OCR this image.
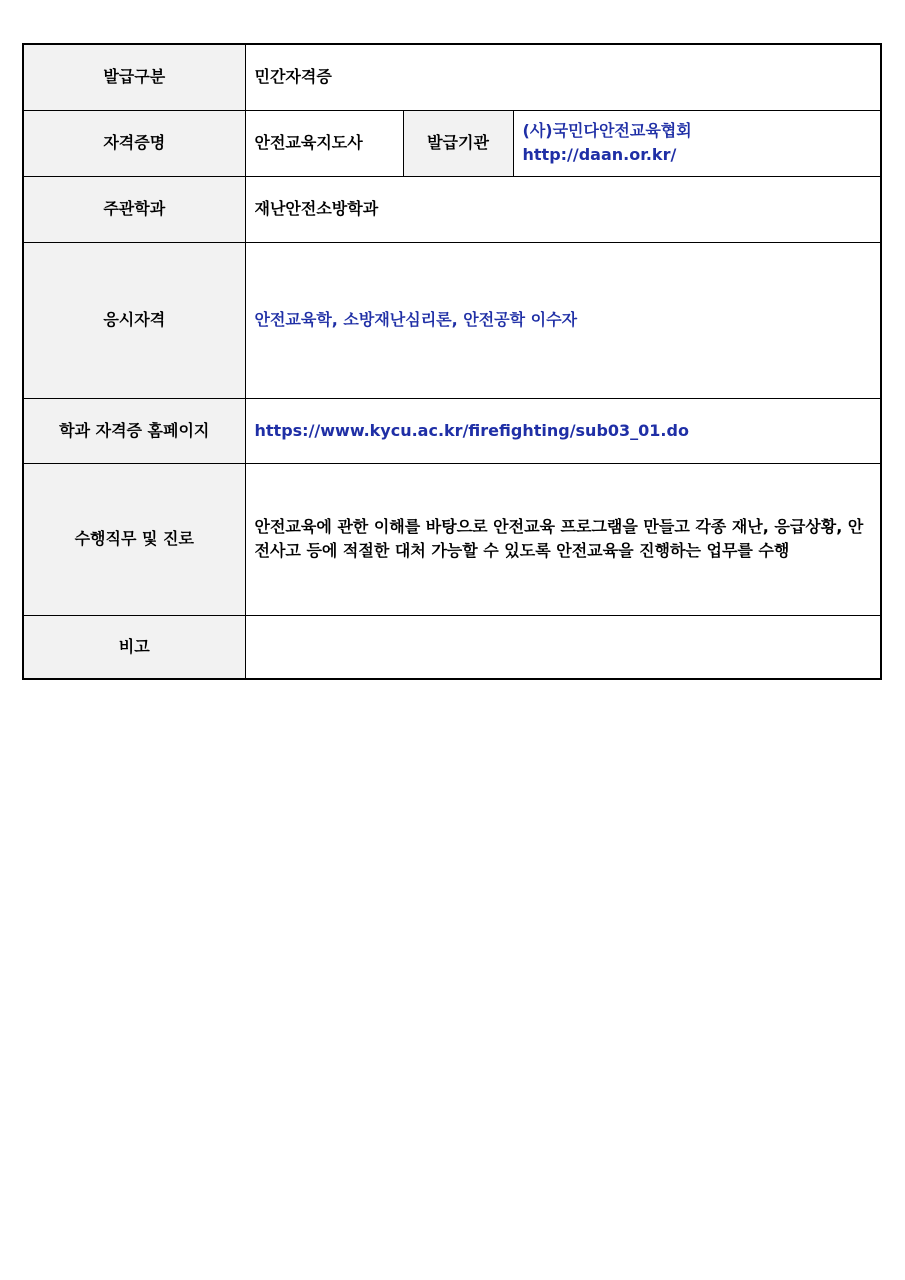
발급구분	민간자격증		
자격증명	안전교육지도사	발급기관	(사)국민다안전교육협회
http://daan.or.kr/

주관학과	재난안전소방학과		
응시자격	안전교육학, 소방재난심리론, 안전공학 이수자		
학과 자격증 홈페이지	https://www.kycu.ac.kr/firefighting/sub03_01.do		
수행직무 및 진로	안전교육에 관한 이해를 바탕으로 안전교육 프로그램을 만들고 각종 재난, 응급상황, 안전사고 등에 적절한 대처 가능할 수 있도록 안전교육을 진행하는 업무를 수행		
비고			
